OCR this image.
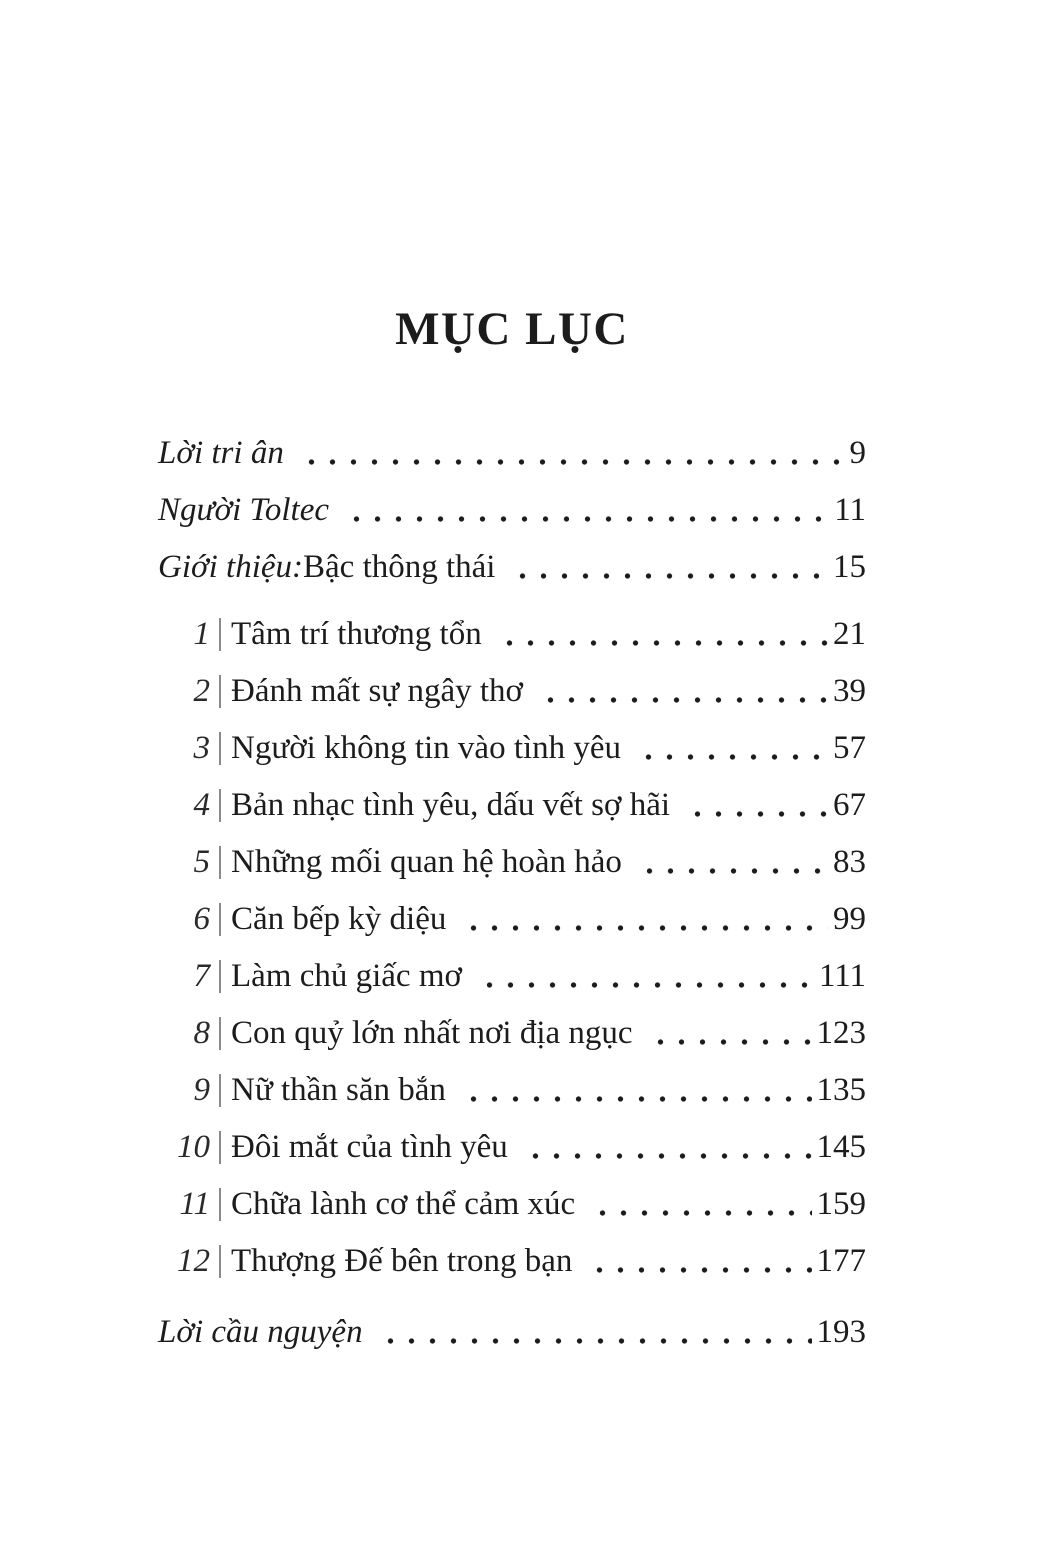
MỤC LỤC
Lời tri ân	9
Người Toltec	11
Giới thiệu: Bậc thông thái	15
1 Tâm trí thương tổn	21
2 Đánh mất sự ngây thơ	39
3 Người không tin vào tình yêu	57
4 Bản nhạc tình yêu, dấu vết sợ hãi	67
5 Những mối quan hệ hoàn hảo	83
6 Căn bếp kỳ diệu	99
7 Làm chủ giấc mơ	111
8 Con quỷ lớn nhất nơi địa ngục	123
9 Nữ thần săn bắn	135
10 Đôi mắt của tình yêu	145
11 Chữa lành cơ thể cảm xúc	159
12 Thượng Đế bên trong bạn	177
Lời cầu nguyện	193
